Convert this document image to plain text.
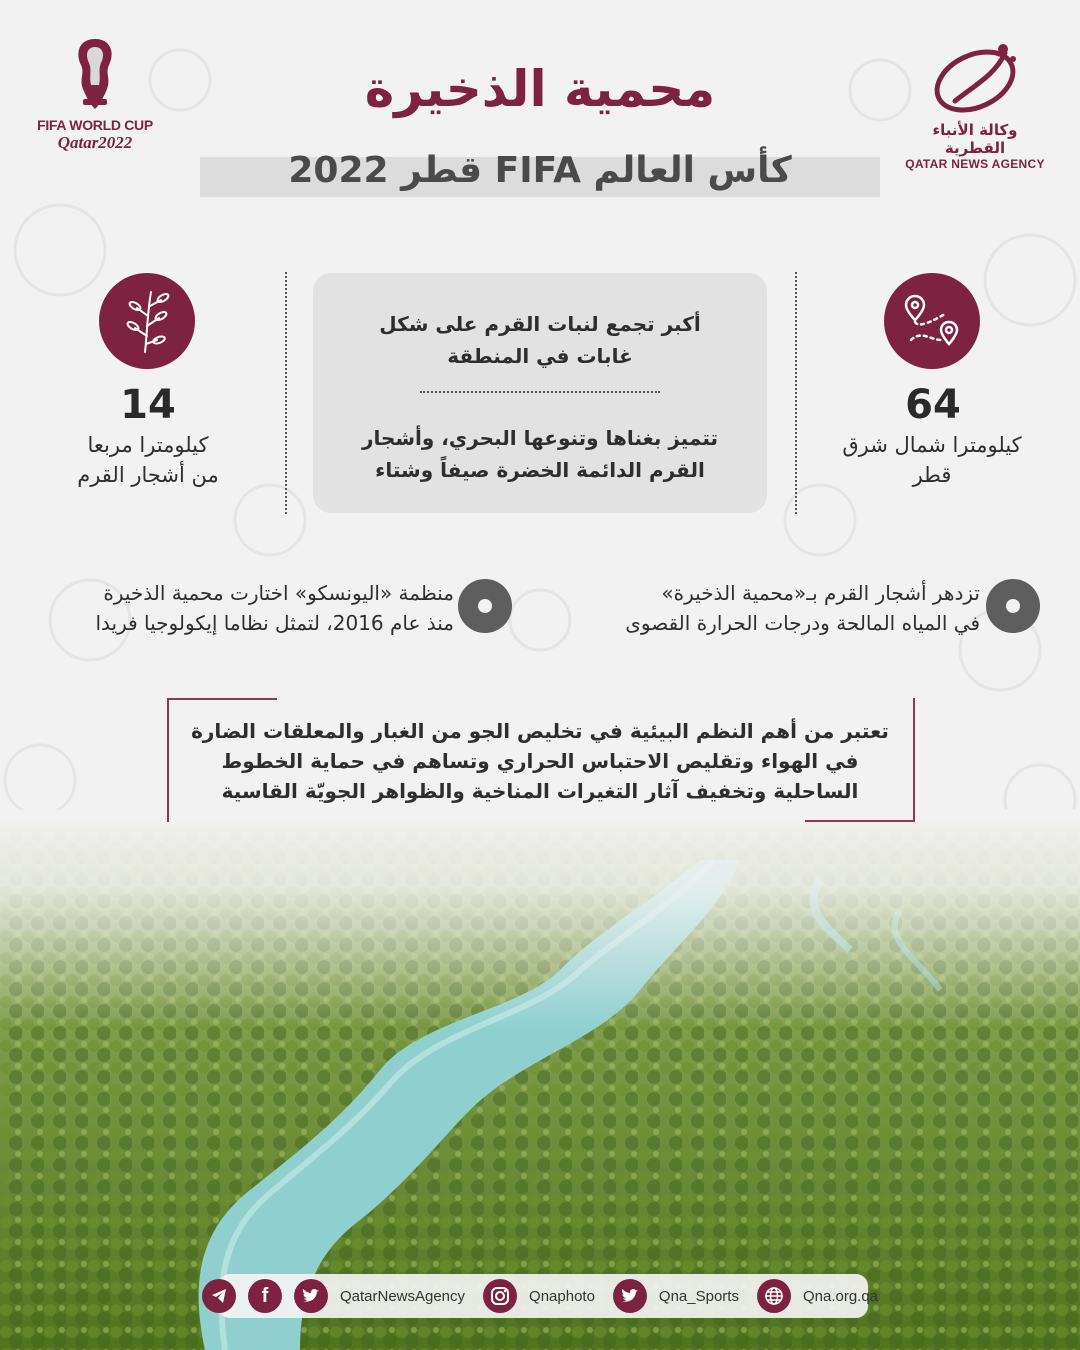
FIFA WORLD CUP
Qatar2022
وكالة الأنباء القطرية
QATAR NEWS AGENCY
محمية الذخيرة
كأس العالم FIFA قطر 2022
أكبر تجمع لنبات القرم على شكل
غابات في المنطقة
تتميز بغناها وتنوعها البحري، وأشجار
القرم الدائمة الخضرة صيفاً وشتاء
14
كيلومترا مربعا
من أشجار القرم
64
كيلومترا شمال شرق
قطر
تزدهر أشجار القرم بـ«محمية الذخيرة»
في المياه المالحة ودرجات الحرارة القصوى
منظمة «اليونسكو» اختارت محمية الذخيرة
منذ عام 2016، لتمثل نظاما إيكولوجيا فريدا
تعتبر من أهم النظم البيئية في تخليص الجو من الغبار والمعلقات الضارة
في الهواء وتقليص الاحتباس الحراري وتساهم في حماية الخطوط
الساحلية وتخفيف آثار التغيرات المناخية والظواهر الجويّة القاسية
f	QatarNewsAgency	Qnaphoto	Qna_Sports	Qna.org.qa
